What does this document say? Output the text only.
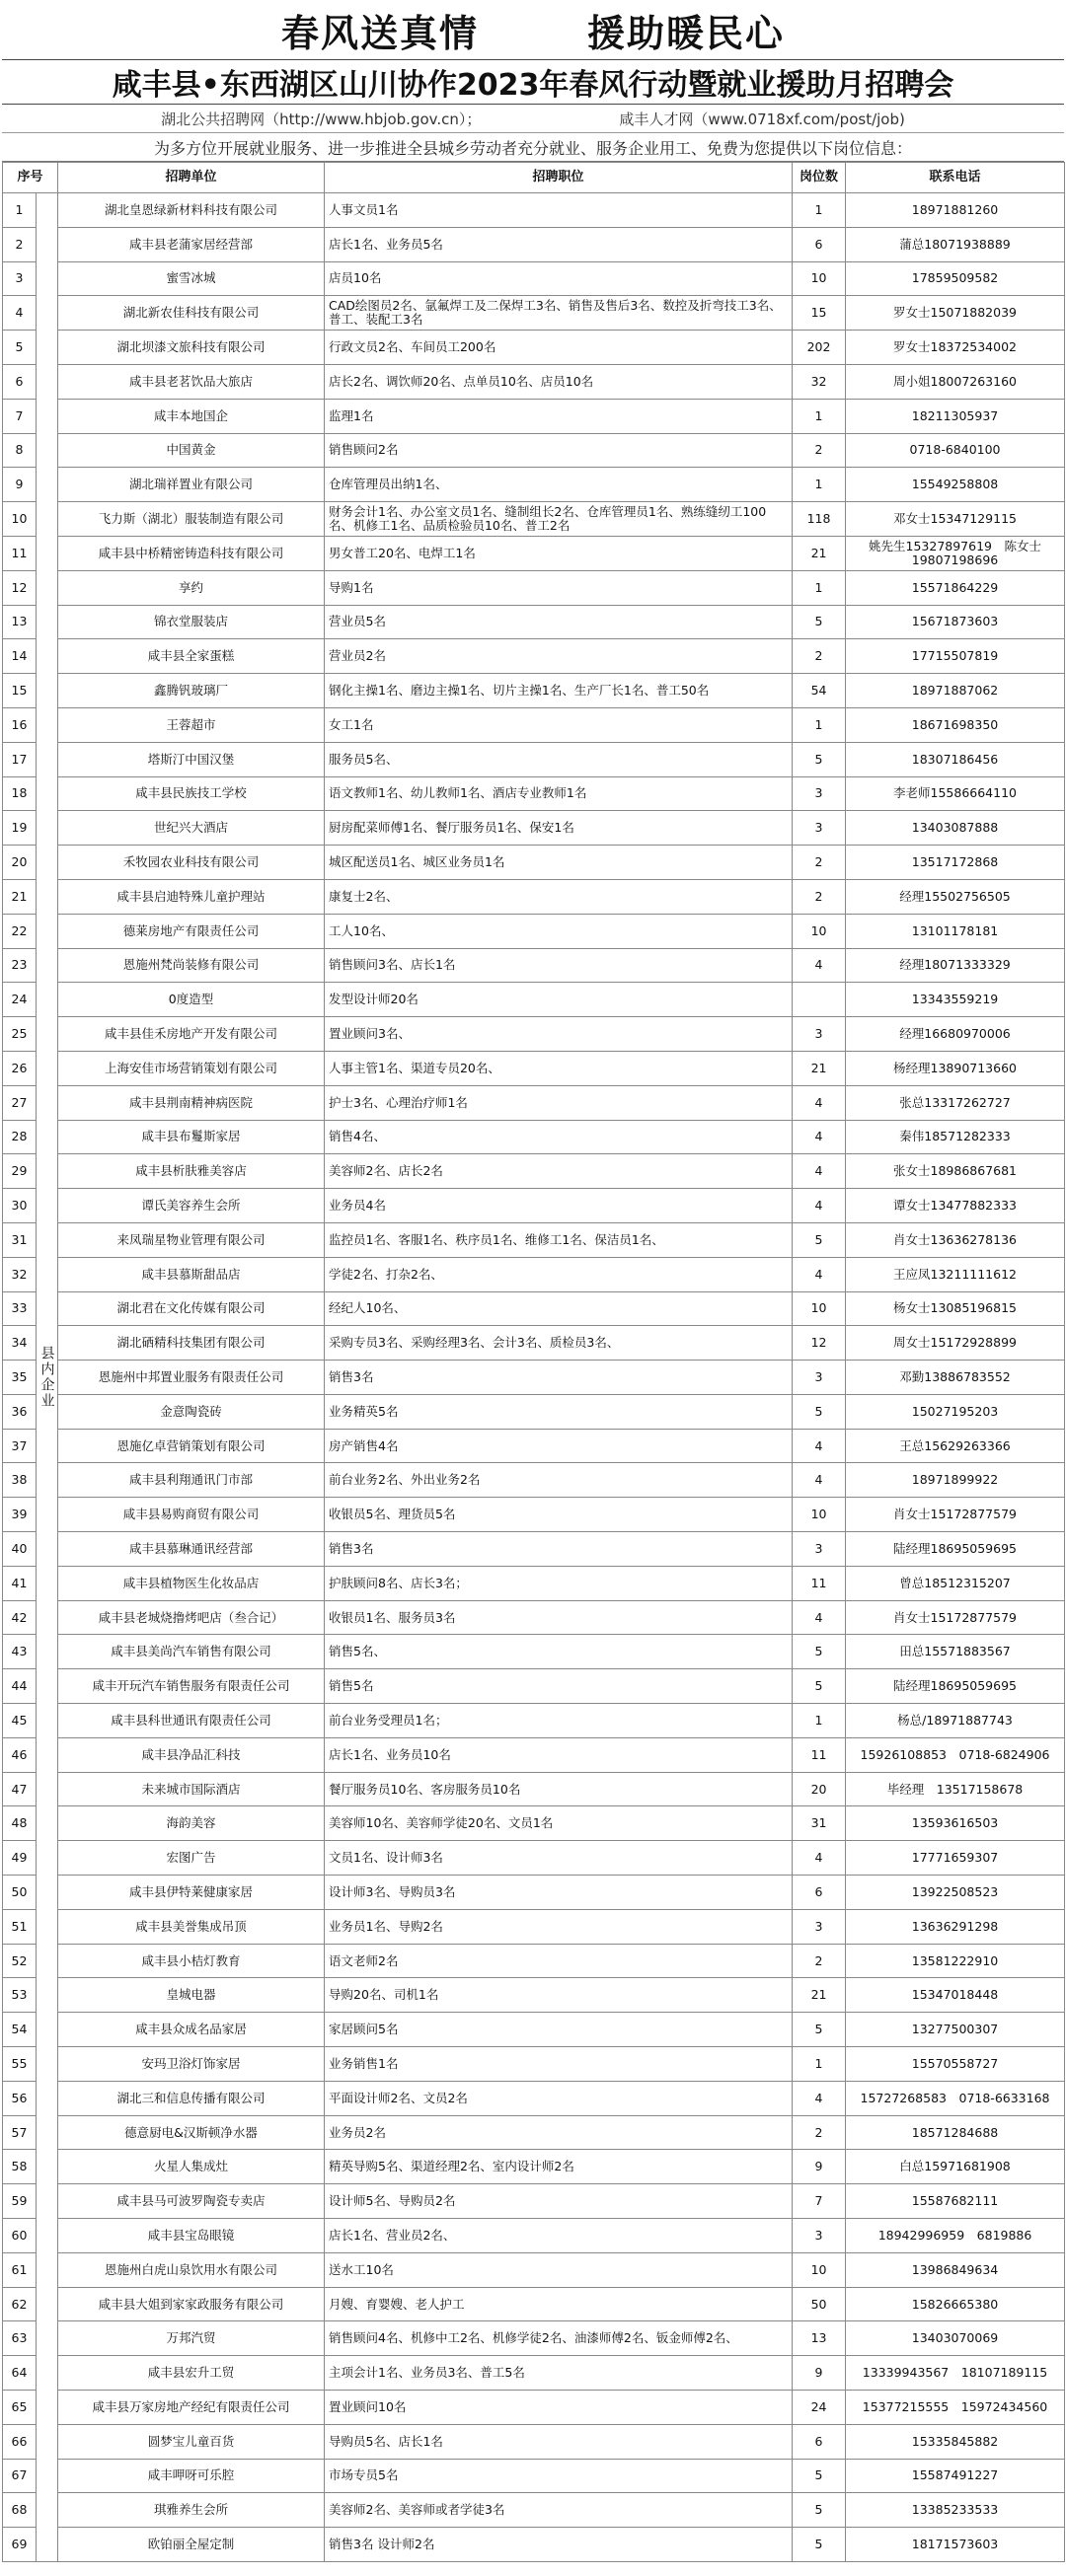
春风送真情	援助暖民心
咸丰县•东西湖区山川协作2023年春风行动暨就业援助月招聘会
湖北公共招聘网（http://www.hbjob.gov.cn）；	咸丰人才网（www.0718xf.com/post/job)
为多方位开展就业服务、进一步推进全县城乡劳动者充分就业、服务企业用工、免费为您提供以下岗位信息：
序号		招聘单位	招聘职位	岗位数	联系电话
1	县内企业	湖北皇恩绿新材料科技有限公司	人事文员1名	1	18971881260
2		咸丰县老蒲家居经营部	店长1名、业务员5名	6	蒲总18071938889
3		蜜雪冰城	店员10名	10	17859509582
4		湖北新农佳科技有限公司	CAD绘图员2名、氩氟焊工及二保焊工3名、销售及售后3名、数控及折弯技工3名、普工、装配工3名	15	罗女士15071882039
5		湖北坝漆文旅科技有限公司	行政文员2名、车间员工200名	202	罗女士18372534002
6		咸丰县老茗饮品大旅店	店长2名、调饮师20名、点单员10名、店员10名	32	周小姐18007263160
7		咸丰本地国企	监理1名	1	18211305937
8		中国黄金	销售顾问2名	2	0718-6840100
9		湖北瑞祥置业有限公司	仓库管理员出纳1名、	1	15549258808
10		飞力斯（湖北）服装制造有限公司	财务会计1名、办公室文员1名、缝制组长2名、仓库管理员1名、熟练缝纫工100名、机修工1名、品质检验员10名、普工2名	118	邓女士15347129115
11		咸丰县中桥精密铸造科技有限公司	男女普工20名、电焊工1名	21	姚先生15327897619　陈女士19807198696
12		享约	导购1名	1	15571864229
13		锦衣堂服装店	营业员5名	5	15671873603
14		咸丰县全家蛋糕	营业员2名	2	17715507819
15		鑫腾钒玻璃厂	钢化主操1名、磨边主操1名、切片主操1名、生产厂长1名、普工50名	54	18971887062
16		王蓉超市	女工1名	1	18671698350
17		塔斯汀中国汉堡	服务员5名、	5	18307186456
18		咸丰县民族技工学校	语文教师1名、幼儿教师1名、酒店专业教师1名	3	李老师15586664110
19		世纪兴大酒店	厨房配菜师傅1名、餐厅服务员1名、保安1名	3	13403087888
20		禾牧园农业科技有限公司	城区配送员1名、城区业务员1名	2	13517172868
21		咸丰县启迪特殊儿童护理站	康复士2名、	2	经理15502756505
22		德莱房地产有限责任公司	工人10名、	10	13101178181
23		恩施州梵尚装修有限公司	销售顾问3名、店长1名	4	经理18071333329
24		0度造型	发型设计师20名		13343559219
25		咸丰县佳禾房地产开发有限公司	置业顾问3名、	3	经理16680970006
26		上海安佳市场营销策划有限公司	人事主管1名、渠道专员20名、	21	杨经理13890713660
27		咸丰县荆南精神病医院	护士3名、心理治疗师1名	4	张总13317262727
28		咸丰县布鬘斯家居	销售4名、	4	秦伟18571282333
29		咸丰县析肤雅美容店	美容师2名、店长2名	4	张女士18986867681
30		谭氏美容养生会所	业务员4名	4	谭女士13477882333
31		来凤瑞星物业管理有限公司	监控员1名、客服1名、秩序员1名、维修工1名、保洁员1名、	5	肖女士13636278136
32		咸丰县慕斯甜品店	学徒2名、打杂2名、	4	王应凤13211111612
33		湖北君在文化传媒有限公司	经纪人10名、	10	杨女士13085196815
34		湖北硒精科技集团有限公司	采购专员3名、采购经理3名、会计3名、质检员3名、	12	周女士15172928899
35		恩施州中邦置业服务有限责任公司	销售3名	3	邓勤13886783552
36		金意陶瓷砖	业务精英5名	5	15027195203
37		恩施亿卓营销策划有限公司	房产销售4名	4	王总15629263366
38		咸丰县利翔通讯门市部	前台业务2名、外出业务2名	4	18971899922
39		咸丰县易购商贸有限公司	收银员5名、理货员5名	10	肖女士15172877579
40		咸丰县慕琳通讯经营部	销售3名	3	陆经理18695059695
41		咸丰县植物医生化妆品店	护肤顾问8名、店长3名；	11	曾总18512315207
42		咸丰县老城烧撸烤吧店（叁合记）	收银员1名、服务员3名	4	肖女士15172877579
43		咸丰县美尚汽车销售有限公司	销售5名、	5	田总15571883567
44		咸丰开玩汽车销售服务有限责任公司	销售5名	5	陆经理18695059695
45		咸丰县科世通讯有限责任公司	前台业务受理员1名；	1	杨总/18971887743
46		咸丰县净品汇科技	店长1名、业务员10名	11	15926108853　0718-6824906
47		未来城市国际酒店	餐厅服务员10名、客房服务员10名	20	毕经理　13517158678
48		海韵美容	美容师10名、美容师学徒20名、文员1名	31	13593616503
49		宏图广告	文员1名、设计师3名	4	17771659307
50		咸丰县伊特莱健康家居	设计师3名、导购员3名	6	13922508523
51		咸丰县美誉集成吊顶	业务员1名、导购2名	3	13636291298
52		咸丰县小桔灯教育	语文老师2名	2	13581222910
53		皇城电器	导购20名、司机1名	21	15347018448
54		咸丰县众成名品家居	家居顾问5名	5	13277500307
55		安玛卫浴灯饰家居	业务销售1名	1	15570558727
56		湖北三和信息传播有限公司	平面设计师2名、文员2名	4	15727268583　0718-6633168
57		德意厨电&汉斯顿净水器	业务员2名	2	18571284688
58		火星人集成灶	精英导购5名、渠道经理2名、室内设计师2名	9	白总15971681908
59		咸丰县马可波罗陶瓷专卖店	设计师5名、导购员2名	7	15587682111
60		咸丰县宝岛眼镜	店长1名、营业员2名、	3	18942996959　6819886
61		恩施州白虎山泉饮用水有限公司	送水工10名	10	13986849634
62		咸丰县大姐到家家政服务有限公司	月嫂、育婴嫂、老人护工	50	15826665380
63		万邦汽贸	销售顾问4名、机修中工2名、机修学徒2名、油漆师傅2名、钣金师傅2名、	13	13403070069
64		咸丰县宏升工贸	主项会计1名、业务员3名、普工5名	9	13339943567　18107189115
65		咸丰县万家房地产经纪有限责任公司	置业顾问10名	24	15377215555　15972434560
66		圆梦宝儿童百货	导购员5名、店长1名	6	15335845882
67		咸丰呷呀可乐腔	市场专员5名	5	15587491227
68		琪雅养生会所	美容师2名、美容师或者学徒3名	5	13385233533
69		欧铂丽全屋定制	销售3名 设计师2名	5	18171573603
